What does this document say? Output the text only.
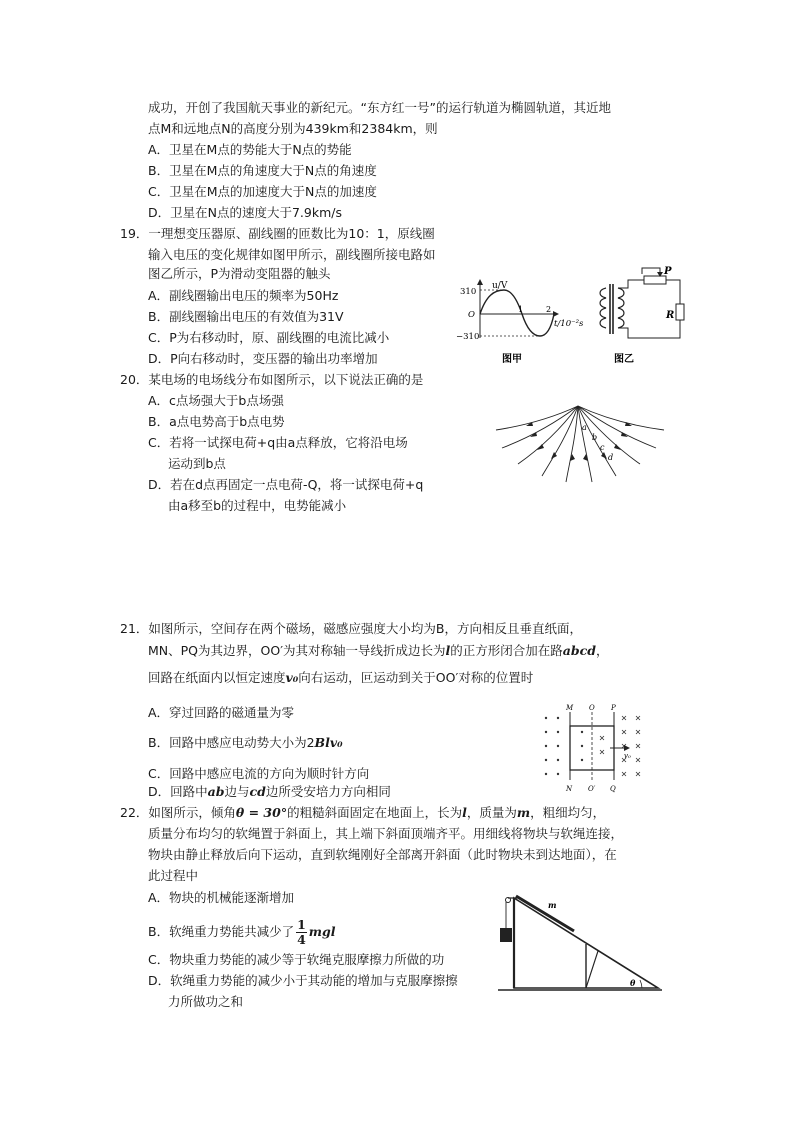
成功，开创了我国航天事业的新纪元。“东方红一号”的运行轨道为椭圆轨道，其近地
点M和远地点N的高度分别为439km和2384km，则
A．卫星在M点的势能大于N点的势能
B．卫星在M点的角速度大于N点的角速度
C．卫星在M点的加速度大于N点的加速度
D．卫星在N点的速度大于7.9km/s
19．一理想变压器原、副线圈的匝数比为10：1，原线圈
输入电压的变化规律如图甲所示，副线圈所接电路如
图乙所示，P为滑动变阻器的触头
A．副线圈输出电压的频率为50Hz
B．副线圈输出电压的有效值为31V
C．P为右移动时，原、副线圈的电流比减小
D．P向右移动时，变压器的输出功率增加
u/V
310
O
−310
1	2
t/10⁻²s
图甲
P
R
图乙
20．某电场的电场线分布如图所示，以下说法正确的是
A．c点场强大于b点场强
B．a点电势高于b点电势
C．若将一试探电荷+q由a点释放，它将沿电场
运动到b点
D．若在d点再固定一点电荷-Q，将一试探电荷+q
由a移至b的过程中，电势能减小
a
b
c
d
21．如图所示，空间存在两个磁场，磁感应强度大小均为B，方向相反且垂直纸面，
MN、PQ为其边界，OO′为其对称轴一导线折成边长为l的正方形闭合加在路abcd，
回路在纸面内以恒定速度v₀向右运动，叵运动到关于OO′对称的位置时
A．穿过回路的磁通量为零
B．回路中感应电动势大小为2Blv₀
C．回路中感应电流的方向为顺时针方向
D．回路中ab边与cd边所受安培力方向相同
M O P
v₀
N O′ Q
22．如图所示，倾角θ = 30°的粗糙斜面固定在地面上，长为l，质量为m，粗细均匀，
质量分布均匀的软绳置于斜面上，其上端下斜面顶端齐平。用细线将物块与软绳连接，
物块由静止释放后向下运动，直到软绳刚好全部离开斜面（此时物块未到达地面），在
此过程中
A．物块的机械能逐渐增加
B．软绳重力势能共减少了 $\frac{1}{4}$ mgl
C．物块重力势能的减少等于软绳克服摩擦力所做的功
D．软绳重力势能的减少小于其动能的增加与克服摩擦擦
力所做功之和
m
θ
